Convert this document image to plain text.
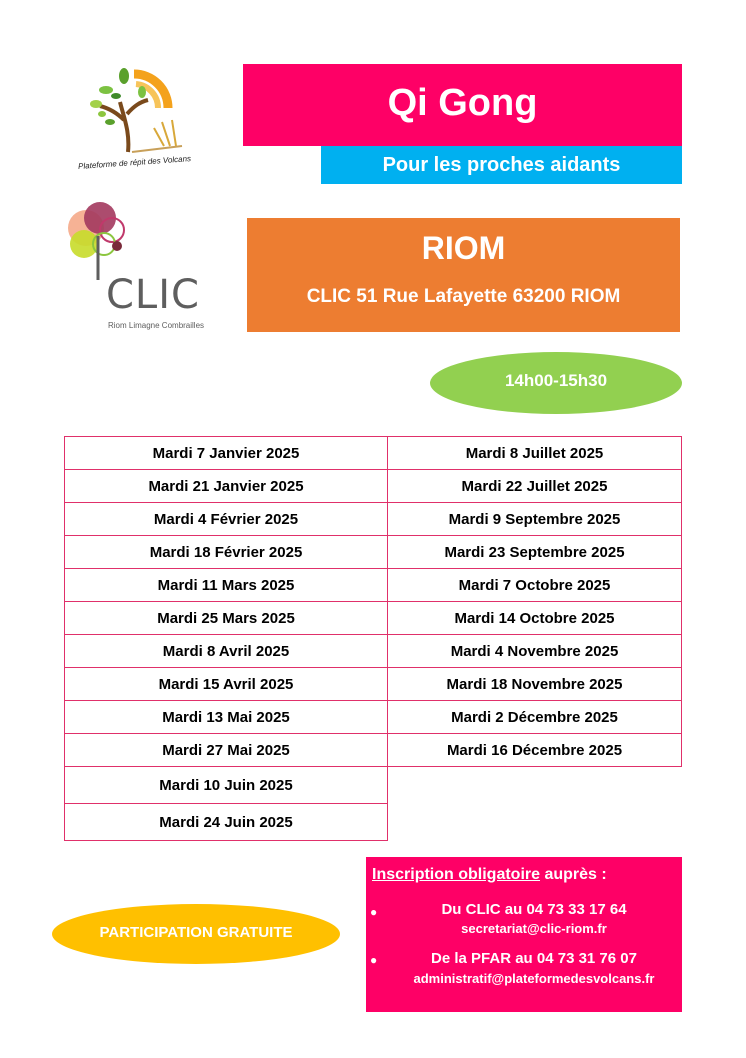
Plateforme de répit des Volcans
CLIC
Riom Limagne Combrailles
Qi Gong
Pour les proches aidants
RIOM
CLIC 51 Rue Lafayette 63200 RIOM
14h00-15h30
Mardi 7 Janvier 2025
Mardi 21 Janvier 2025
Mardi 4 Février 2025
Mardi 18 Février 2025
Mardi 11 Mars 2025
Mardi 25 Mars 2025
Mardi 8 Avril 2025
Mardi 15 Avril 2025
Mardi 13 Mai 2025
Mardi 27 Mai 2025
Mardi 10 Juin 2025
Mardi 24 Juin 2025
Mardi 8 Juillet 2025
Mardi 22 Juillet 2025
Mardi 9 Septembre 2025
Mardi 23 Septembre 2025
Mardi 7 Octobre 2025
Mardi 14 Octobre 2025
Mardi 4 Novembre 2025
Mardi 18 Novembre 2025
Mardi 2 Décembre 2025
Mardi 16 Décembre 2025
PARTICIPATION GRATUITE
Inscription obligatoire auprès :
●	Du CLIC au 04 73 33 17 64
secretariat@clic-riom.fr
●	De la PFAR au 04 73 31 76 07
administratif@plateformedesvolcans.fr
